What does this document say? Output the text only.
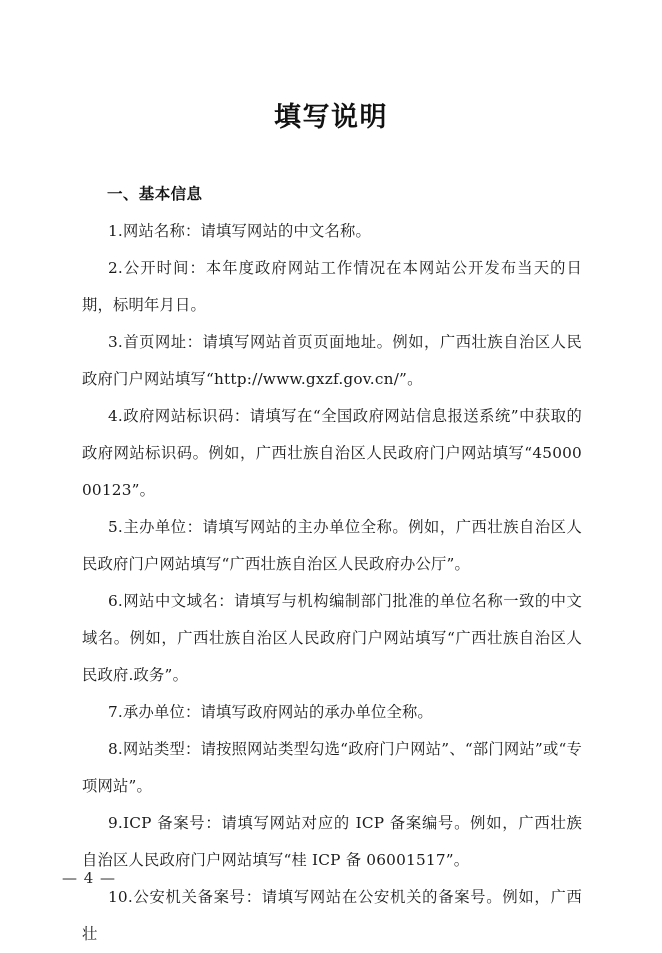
填写说明

一、基本信息

1.网站名称：请填写网站的中文名称。

2.公开时间：本年度政府网站工作情况在本网站公开发布当天的日期，标明年月日。

3.首页网址：请填写网站首页页面地址。例如，广西壮族自治区人民政府门户网站填写“http://www.gxzf.gov.cn/”。

4.政府网站标识码：请填写在“全国政府网站信息报送系统”中获取的政府网站标识码。例如，广西壮族自治区人民政府门户网站填写“4500000123”。

5.主办单位：请填写网站的主办单位全称。例如，广西壮族自治区人民政府门户网站填写“广西壮族自治区人民政府办公厅”。

6.网站中文域名：请填写与机构编制部门批准的单位名称一致的中文域名。例如，广西壮族自治区人民政府门户网站填写“广西壮族自治区人民政府.政务”。

7.承办单位：请填写政府网站的承办单位全称。

8.网站类型：请按照网站类型勾选“政府门户网站”、“部门网站”或“专项网站”。

9.ICP 备案号：请填写网站对应的 ICP 备案编号。例如，广西壮族自治区人民政府门户网站填写“桂 ICP 备 06001517”。

10.公安机关备案号：请填写网站在公安机关的备案号。例如，广西壮

— 4 —
